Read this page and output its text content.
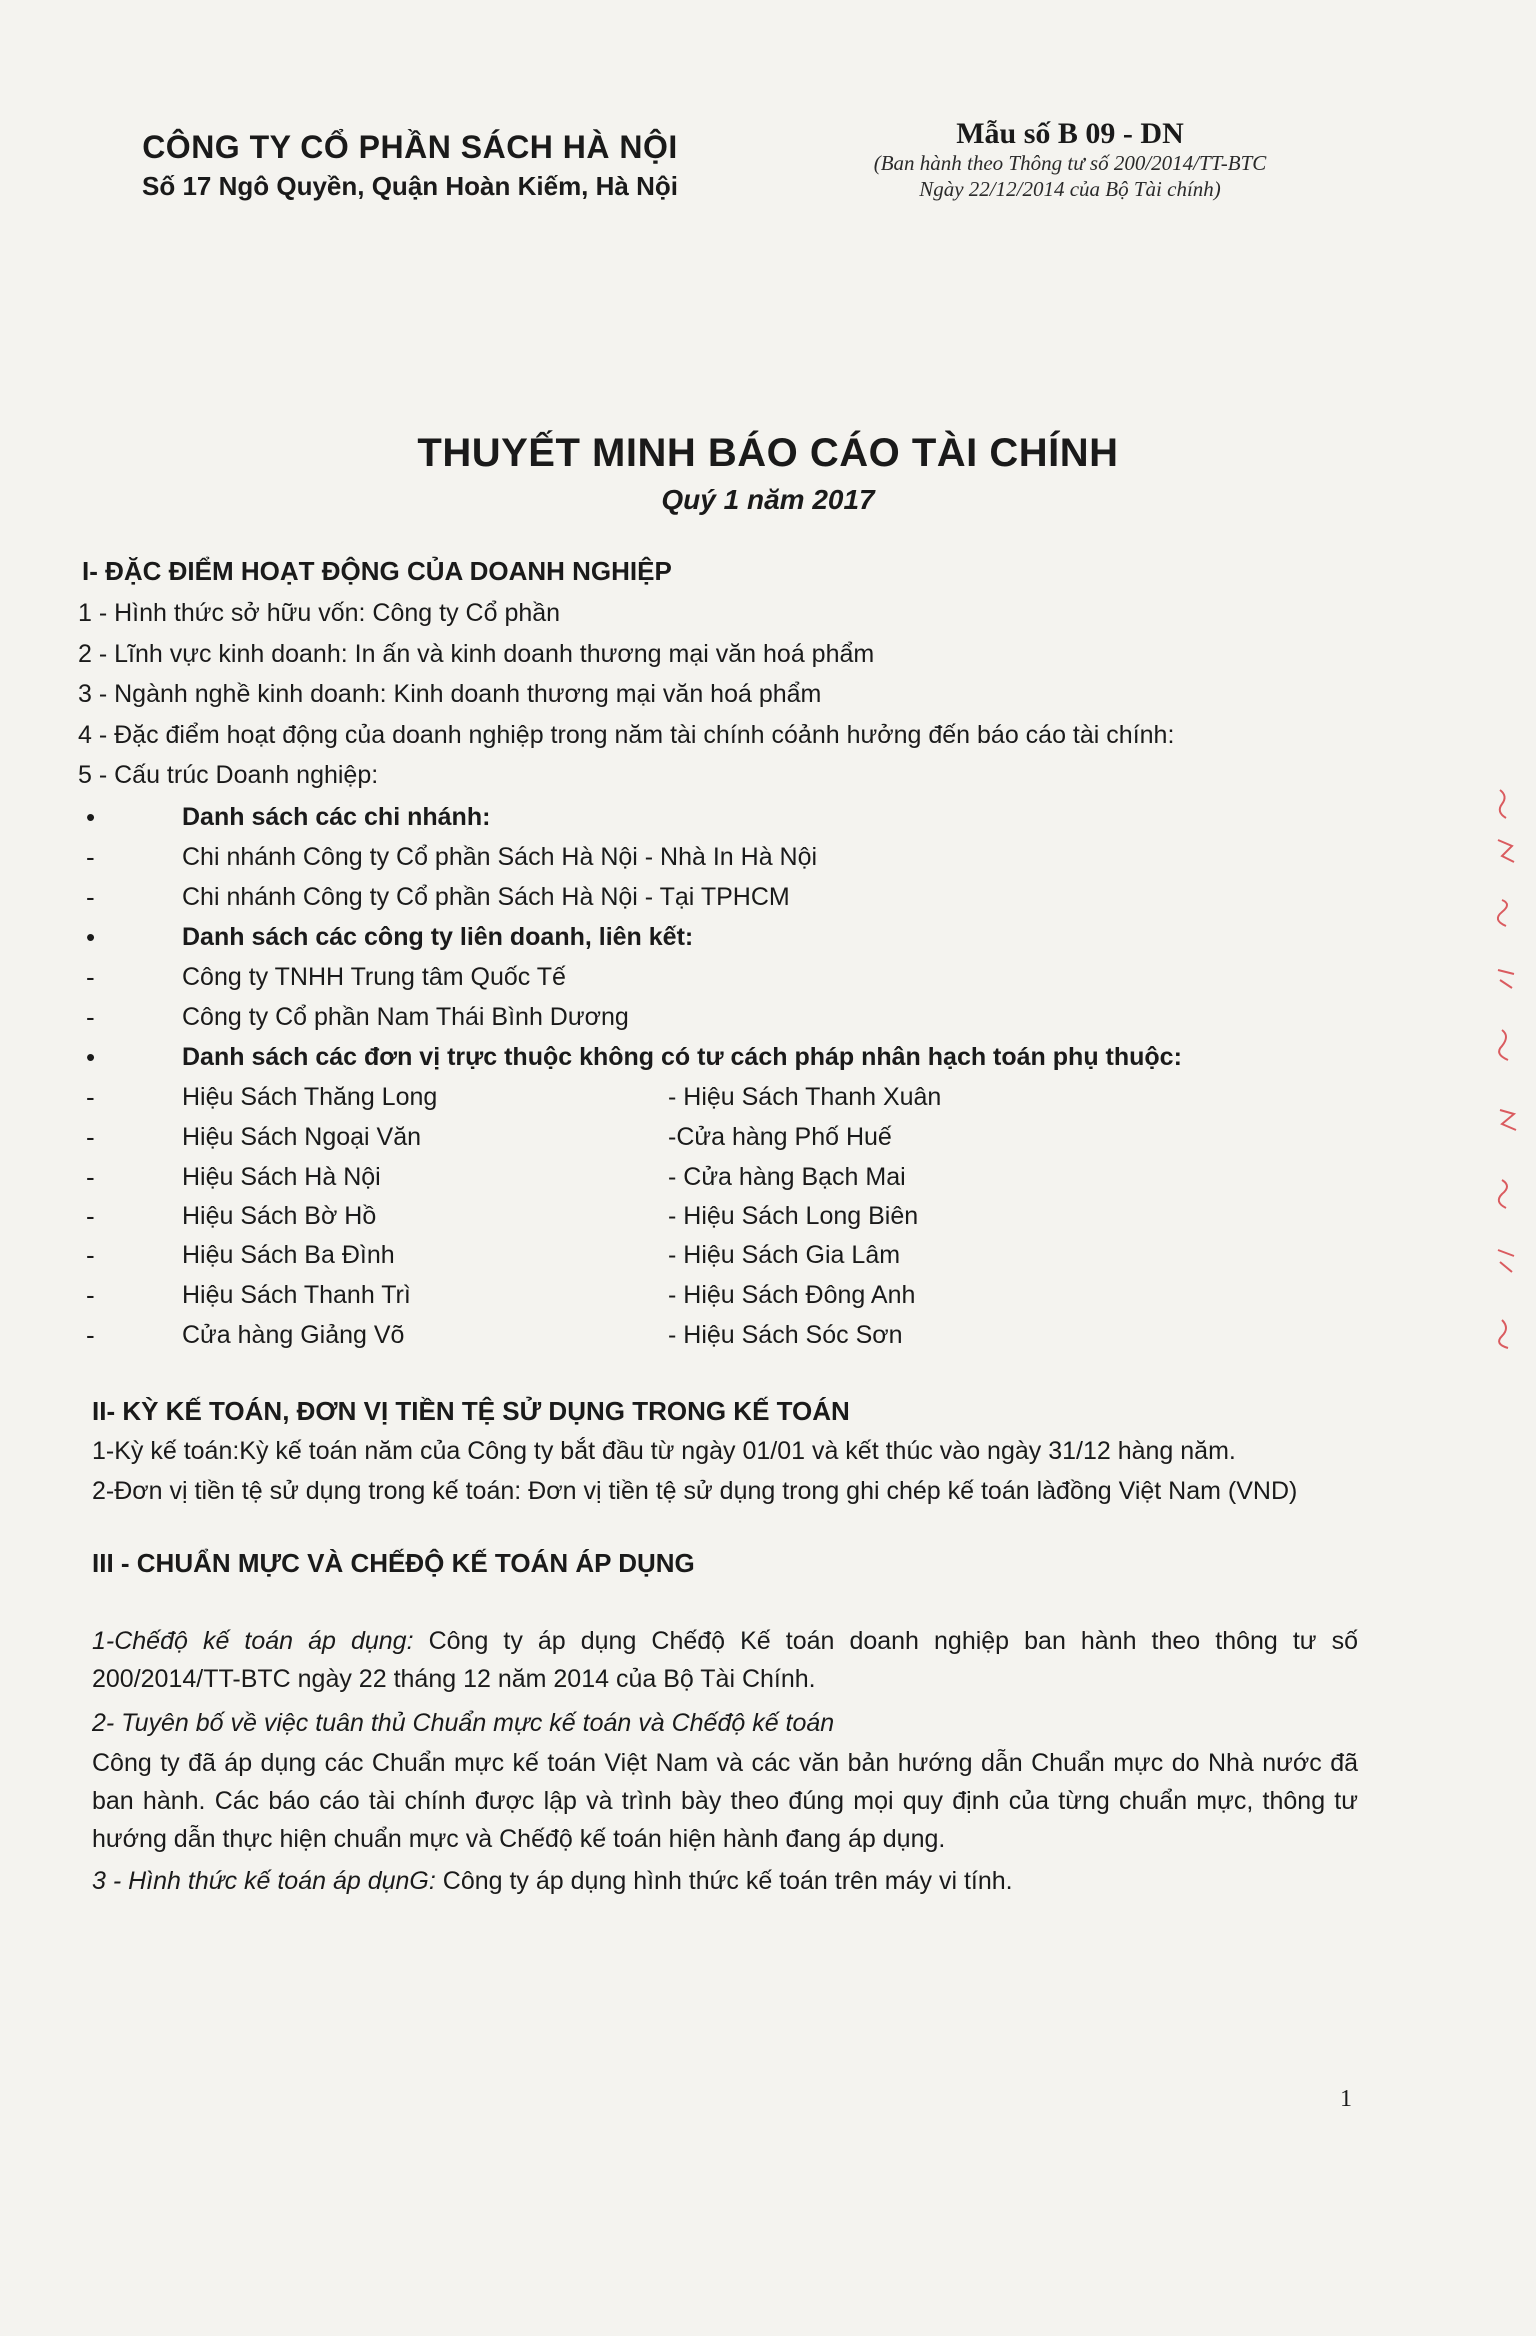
CÔNG TY CỔ PHẦN SÁCH HÀ NỘI
Số 17 Ngô Quyền, Quận Hoàn Kiếm, Hà Nội
Mẫu số B 09 - DN
(Ban hành theo Thông tư số 200/2014/TT-BTC
Ngày 22/12/2014 của Bộ Tài chính)
THUYẾT MINH BÁO CÁO TÀI CHÍNH
Quý 1 năm 2017
I- ĐẶC ĐIỂM HOẠT ĐỘNG CỦA DOANH NGHIỆP
1 - Hình thức sở hữu vốn: Công ty Cổ phần
2 - Lĩnh vực kinh doanh: In ấn và kinh doanh thương mại văn hoá phẩm
3 - Ngành nghề kinh doanh: Kinh doanh thương mại văn hoá phẩm
4 - Đặc điểm hoạt động của doanh nghiệp trong năm tài chính cóảnh hưởng đến báo cáo tài chính:
5 - Cấu trúc Doanh nghiệp:
•	Danh sách các chi nhánh:
-	Chi nhánh Công ty Cổ phần Sách Hà Nội - Nhà In Hà Nội
-	Chi nhánh Công ty Cổ phần Sách Hà Nội - Tại TPHCM
•	Danh sách các công ty liên doanh, liên kết:
-	Công ty TNHH Trung tâm Quốc Tế
-	Công ty Cổ phần Nam Thái Bình Dương
•	Danh sách các đơn vị trực thuộc không có tư cách pháp nhân hạch toán phụ thuộc:
-	Hiệu Sách Thăng Long	- Hiệu Sách Thanh Xuân
-	Hiệu Sách Ngoại Văn	-Cửa hàng Phố Huế
-	Hiệu Sách Hà Nội	- Cửa hàng Bạch Mai
-	Hiệu Sách Bờ Hồ	- Hiệu Sách Long Biên
-	Hiệu Sách Ba Đình	- Hiệu Sách Gia Lâm
-	Hiệu Sách Thanh Trì	- Hiệu Sách Đông Anh
-	Cửa hàng Giảng Võ	- Hiệu Sách Sóc Sơn
II- KỲ KẾ TOÁN, ĐƠN VỊ TIỀN TỆ SỬ DỤNG TRONG KẾ TOÁN
1-Kỳ kế toán:Kỳ kế toán năm của Công ty bắt đầu từ ngày 01/01 và kết thúc vào ngày 31/12 hàng năm.
2-Đơn vị tiền tệ sử dụng trong kế toán: Đơn vị tiền tệ sử dụng trong ghi chép kế toán làđồng Việt Nam (VND)
III - CHUẨN MỰC VÀ CHẾĐỘ KẾ TOÁN ÁP DỤNG
1-Chếđộ kế toán áp dụng: Công ty áp dụng Chếđộ Kế toán doanh nghiệp ban hành theo thông tư số 200/2014/TT-BTC ngày 22 tháng 12 năm 2014 của Bộ Tài Chính.
2- Tuyên bố về việc tuân thủ Chuẩn mực kế toán và Chếđộ kế toán
Công ty đã áp dụng các Chuẩn mực kế toán Việt Nam và các văn bản hướng dẫn Chuẩn mực do Nhà nước đã ban hành. Các báo cáo tài chính được lập và trình bày theo đúng mọi quy định của từng chuẩn mực, thông tư hướng dẫn thực hiện chuẩn mực và Chếđộ kế toán hiện hành đang áp dụng.
3 - Hình thức kế toán áp dụnG: Công ty áp dụng hình thức kế toán trên máy vi tính.
1
